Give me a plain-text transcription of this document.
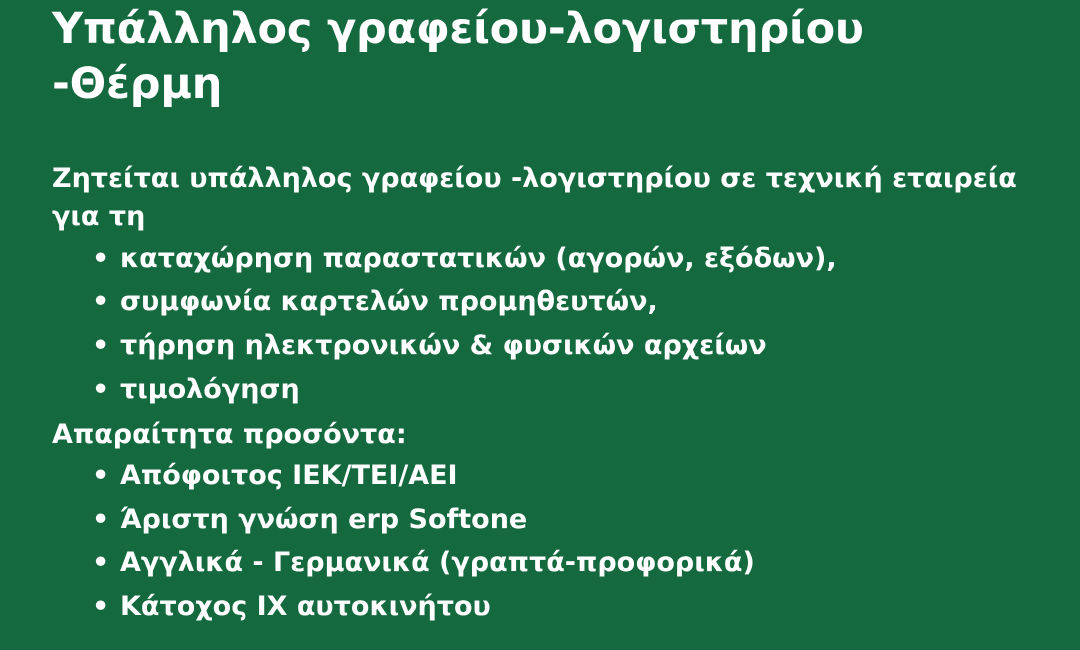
Υπάλληλος γραφείου-λογιστηρίου -Θέρμη

Ζητείται υπάλληλος γραφείου -λογιστηρίου σε τεχνική εταιρεία για τη

• καταχώρηση παραστατικών (αγορών, εξόδων),
• συμφωνία καρτελών προμηθευτών,
• τήρηση ηλεκτρονικών & φυσικών αρχείων
• τιμολόγηση

Απαραίτητα προσόντα:

• Απόφοιτος ΙΕΚ/ΤΕΙ/ΑΕΙ
• Άριστη γνώση erp Softone
• Αγγλικά - Γερμανικά (γραπτά-προφορικά)
• Κάτοχος ΙΧ αυτοκινήτου
